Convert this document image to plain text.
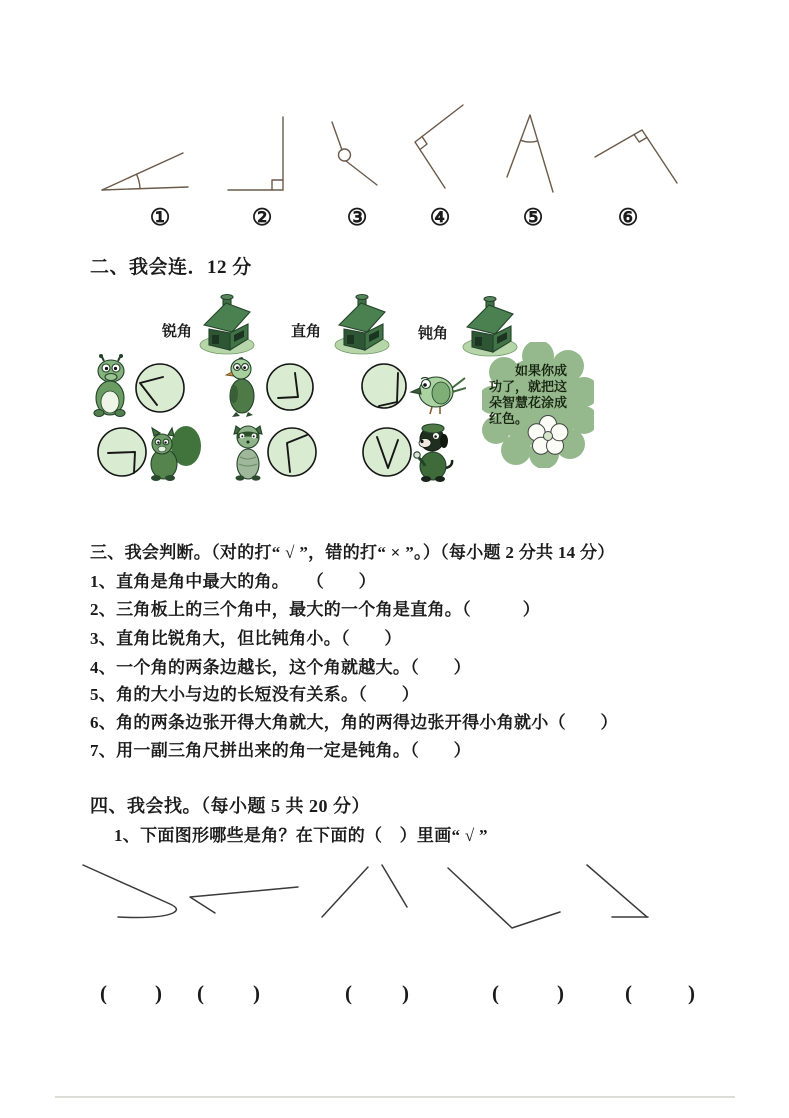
①	②	③	④	⑤	⑥
二、我会连．12 分
锐角	直角	钝角
如果你成
功了，就把这
朵智慧花涂成
红色。
三、我会判断。（对的打“ √ ”，错的打“ × ”。）（每小题 2 分共 14 分）
1、直角是角中最大的角。　　（　　）
2、三角板上的三个角中，最大的一个角是直角。（　　　）
3、直角比锐角大，但比钝角小。（　　）
4、一个角的两条边越长，这个角就越大。（　　）
5、角的大小与边的长短没有关系。（　　）
6、角的两条边张开得大角就大，角的两得边张开得小角就小（　　）
7、用一副三角尺拼出来的角一定是钝角。（　　）
四、我会找。（每小题 5 共 20 分）
1、下面图形哪些是角？在下面的（　）里画“ √ ”
( ) ( )	( )	(	)	(	)
